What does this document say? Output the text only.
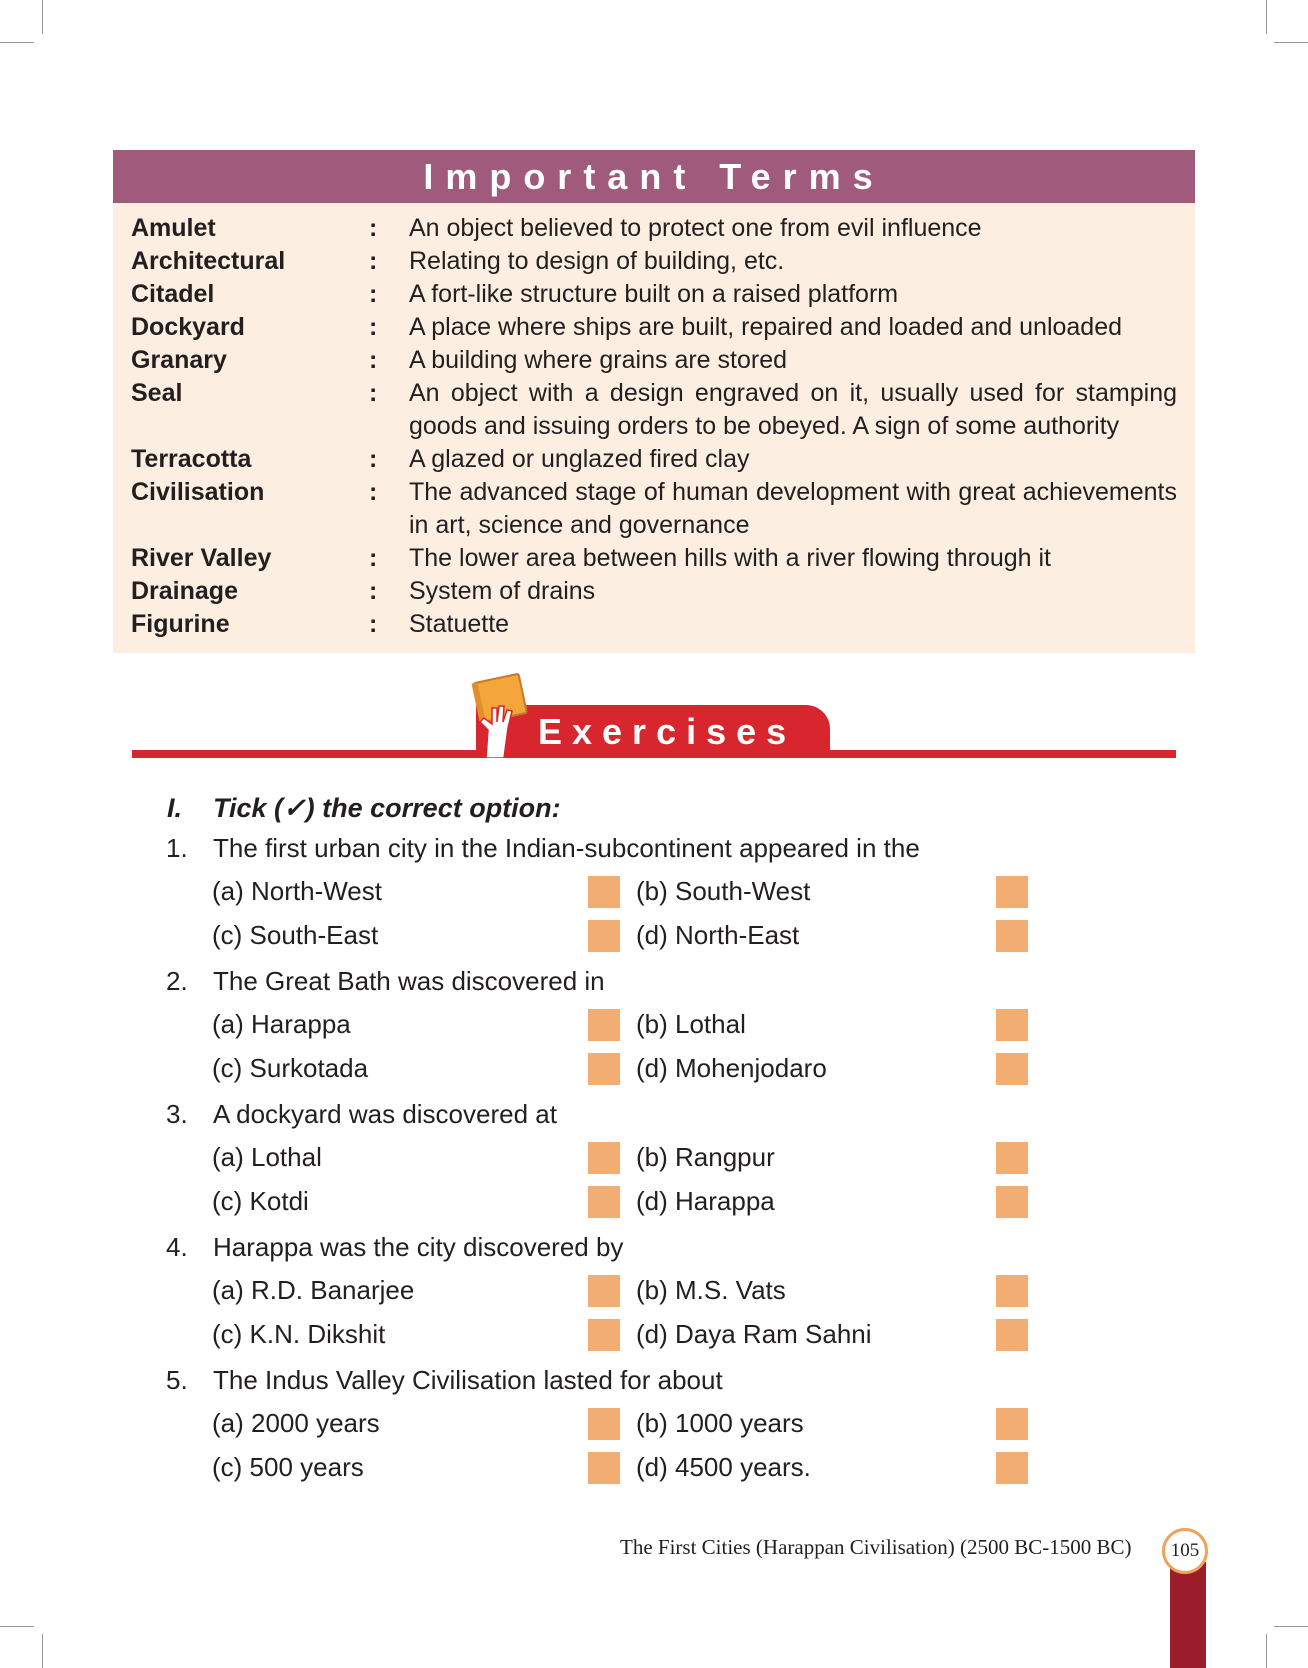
Important Terms
Amulet	: An object believed to protect one from evil influence
Architectural	: Relating to design of building, etc.
Citadel	: A fort-like structure built on a raised platform
Dockyard	: A place where ships are built, repaired and loaded and unloaded
Granary	: A building where grains are stored
Seal	: An object with a design engraved on it, usually used for stamping goods and issuing orders to be obeyed. A sign of some authority
Terracotta	: A glazed or unglazed fired clay
Civilisation	: The advanced stage of human development with great achievements in art, science and governance
River Valley	: The lower area between hills with a river flowing through it
Drainage	: System of drains
Figurine	: Statuette
Exercises
I. Tick (✓) the correct option:
1. The first urban city in the Indian-subcontinent appeared in the
(a) North-West	(b) South-West
(c) South-East	(d) North-East
2. The Great Bath was discovered in
(a) Harappa	(b) Lothal
(c) Surkotada	(d) Mohenjodaro
3. A dockyard was discovered at
(a) Lothal	(b) Rangpur
(c) Kotdi	(d) Harappa
4. Harappa was the city discovered by
(a) R.D. Banarjee	(b) M.S. Vats
(c) K.N. Dikshit	(d) Daya Ram Sahni
5. The Indus Valley Civilisation lasted for about
(a) 2000 years	(b) 1000 years
(c) 500 years	(d) 4500 years.
The First Cities (Harappan Civilisation) (2500 BC-1500 BC)	105
